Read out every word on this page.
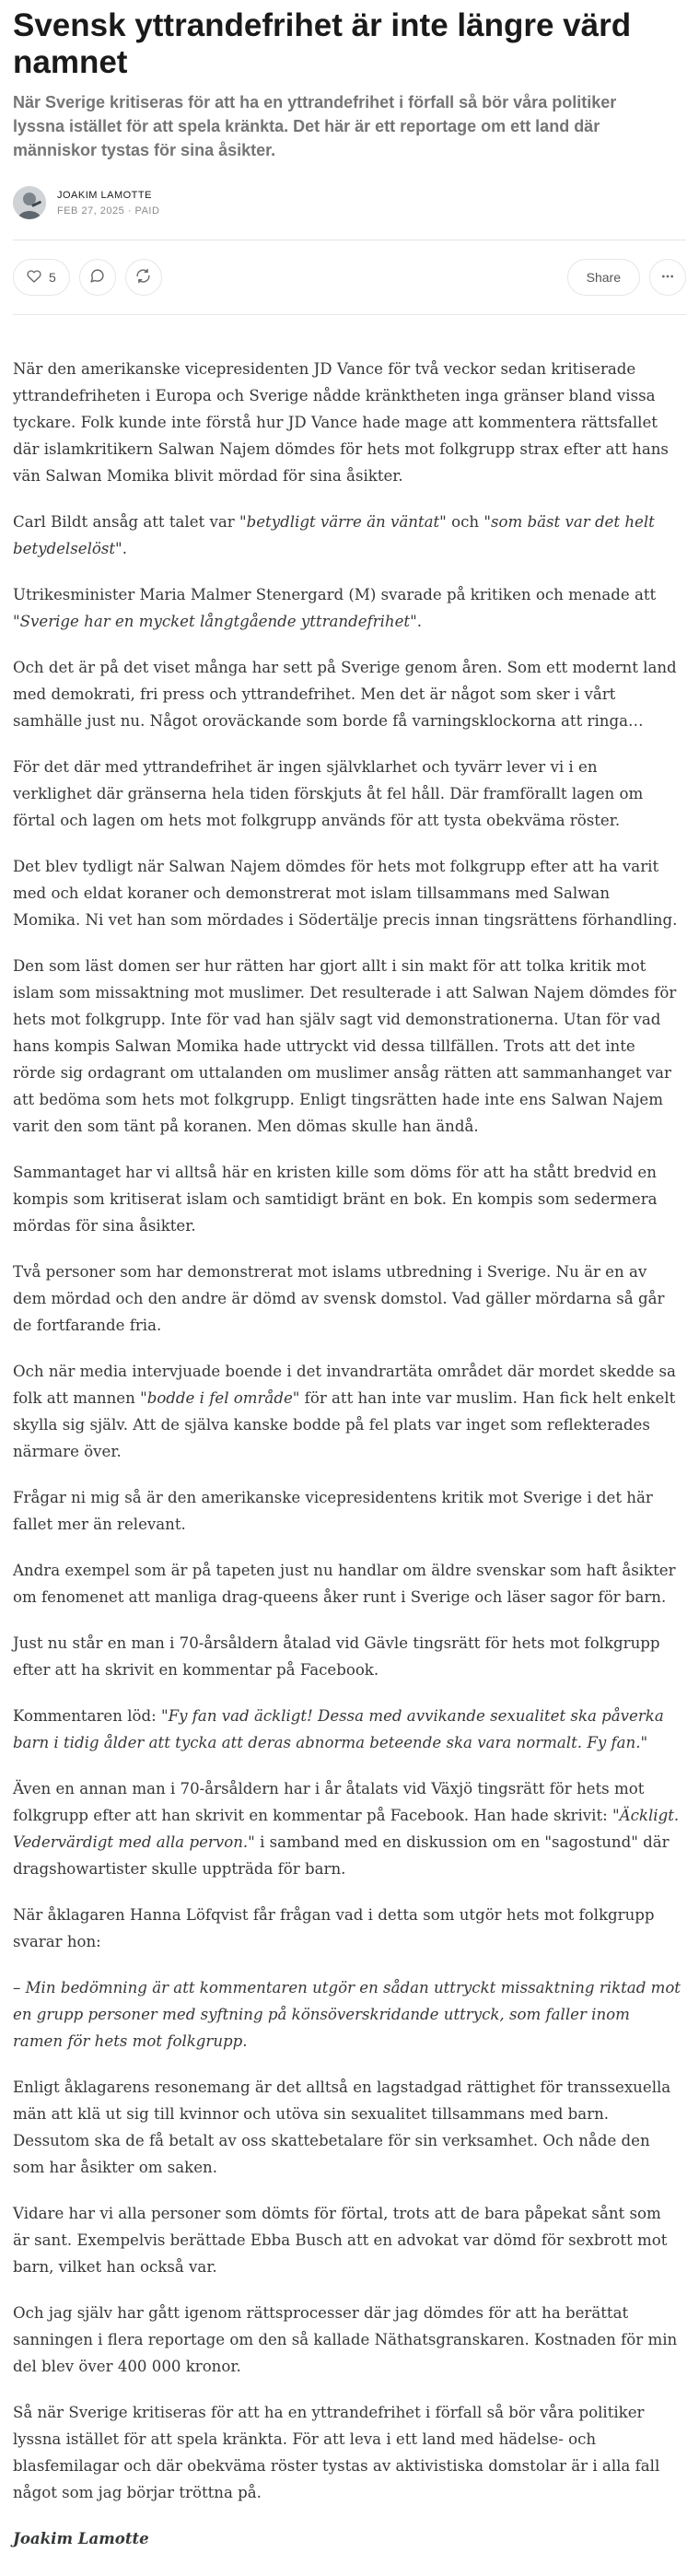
Svensk yttrandefrihet är inte längre värd namnet
När Sverige kritiseras för att ha en yttrandefrihet i förfall så bör våra politiker lyssna istället för att spela kränkta. Det här är ett reportage om ett land där människor tystas för sina åsikter.
JOAKIM LAMOTTE
FEB 27, 2025 · PAID
5	Share

När den amerikanske vicepresidenten JD Vance för två veckor sedan kritiserade yttrandefriheten i Europa och Sverige nådde kränktheten inga gränser bland vissa tyckare. Folk kunde inte förstå hur JD Vance hade mage att kommentera rättsfallet där islamkritikern Salwan Najem dömdes för hets mot folkgrupp strax efter att hans vän Salwan Momika blivit mördad för sina åsikter.

Carl Bildt ansåg att talet var "betydligt värre än väntat" och "som bäst var det helt betydelselöst".

Utrikesminister Maria Malmer Stenergard (M) svarade på kritiken och menade att "Sverige har en mycket långtgående yttrandefrihet".

Och det är på det viset många har sett på Sverige genom åren. Som ett modernt land med demokrati, fri press och yttrandefrihet. Men det är något som sker i vårt samhälle just nu. Något oroväckande som borde få varningsklockorna att ringa…

För det där med yttrandefrihet är ingen självklarhet och tyvärr lever vi i en verklighet där gränserna hela tiden förskjuts åt fel håll. Där framförallt lagen om förtal och lagen om hets mot folkgrupp används för att tysta obekväma röster.

Det blev tydligt när Salwan Najem dömdes för hets mot folkgrupp efter att ha varit med och eldat koraner och demonstrerat mot islam tillsammans med Salwan Momika. Ni vet han som mördades i Södertälje precis innan tingsrättens förhandling.

Den som läst domen ser hur rätten har gjort allt i sin makt för att tolka kritik mot islam som missaktning mot muslimer. Det resulterade i att Salwan Najem dömdes för hets mot folkgrupp. Inte för vad han själv sagt vid demonstrationerna. Utan för vad hans kompis Salwan Momika hade uttryckt vid dessa tillfällen. Trots att det inte rörde sig ordagrant om uttalanden om muslimer ansåg rätten att sammanhanget var att bedöma som hets mot folkgrupp. Enligt tingsrätten hade inte ens Salwan Najem varit den som tänt på koranen. Men dömas skulle han ändå.

Sammantaget har vi alltså här en kristen kille som döms för att ha stått bredvid en kompis som kritiserat islam och samtidigt bränt en bok. En kompis som sedermera mördas för sina åsikter.

Två personer som har demonstrerat mot islams utbredning i Sverige. Nu är en av dem mördad och den andre är dömd av svensk domstol. Vad gäller mördarna så går de fortfarande fria.

Och när media intervjuade boende i det invandrartäta området där mordet skedde sa folk att mannen "bodde i fel område" för att han inte var muslim. Han fick helt enkelt skylla sig själv. Att de själva kanske bodde på fel plats var inget som reflekterades närmare över.

Frågar ni mig så är den amerikanske vicepresidentens kritik mot Sverige i det här fallet mer än relevant.

Andra exempel som är på tapeten just nu handlar om äldre svenskar som haft åsikter om fenomenet att manliga drag-queens åker runt i Sverige och läser sagor för barn.

Just nu står en man i 70-årsåldern åtalad vid Gävle tingsrätt för hets mot folkgrupp efter att ha skrivit en kommentar på Facebook.

Kommentaren löd: "Fy fan vad äckligt! Dessa med avvikande sexualitet ska påverka barn i tidig ålder att tycka att deras abnorma beteende ska vara normalt. Fy fan."

Även en annan man i 70-årsåldern har i år åtalats vid Växjö tingsrätt för hets mot folkgrupp efter att han skrivit en kommentar på Facebook. Han hade skrivit: "Äckligt. Vedervärdigt med alla pervon." i samband med en diskussion om en "sagostund" där dragshowartister skulle uppträda för barn.

När åklagaren Hanna Löfqvist får frågan vad i detta som utgör hets mot folkgrupp svarar hon:

– Min bedömning är att kommentaren utgör en sådan uttryckt missaktning riktad mot en grupp personer med syftning på könsöverskridande uttryck, som faller inom ramen för hets mot folkgrupp.

Enligt åklagarens resonemang är det alltså en lagstadgad rättighet för transsexuella män att klä ut sig till kvinnor och utöva sin sexualitet tillsammans med barn. Dessutom ska de få betalt av oss skattebetalare för sin verksamhet. Och nåde den som har åsikter om saken.

Vidare har vi alla personer som dömts för förtal, trots att de bara påpekat sånt som är sant. Exempelvis berättade Ebba Busch att en advokat var dömd för sexbrott mot barn, vilket han också var.

Och jag själv har gått igenom rättsprocesser där jag dömdes för att ha berättat sanningen i flera reportage om den så kallade Näthatsgranskaren. Kostnaden för min del blev över 400 000 kronor.

Så när Sverige kritiseras för att ha en yttrandefrihet i förfall så bör våra politiker lyssna istället för att spela kränkta. För att leva i ett land med hädelse- och blasfemilagar och där obekväma röster tystas av aktivistiska domstolar är i alla fall något som jag börjar tröttna på.

Joakim Lamotte
